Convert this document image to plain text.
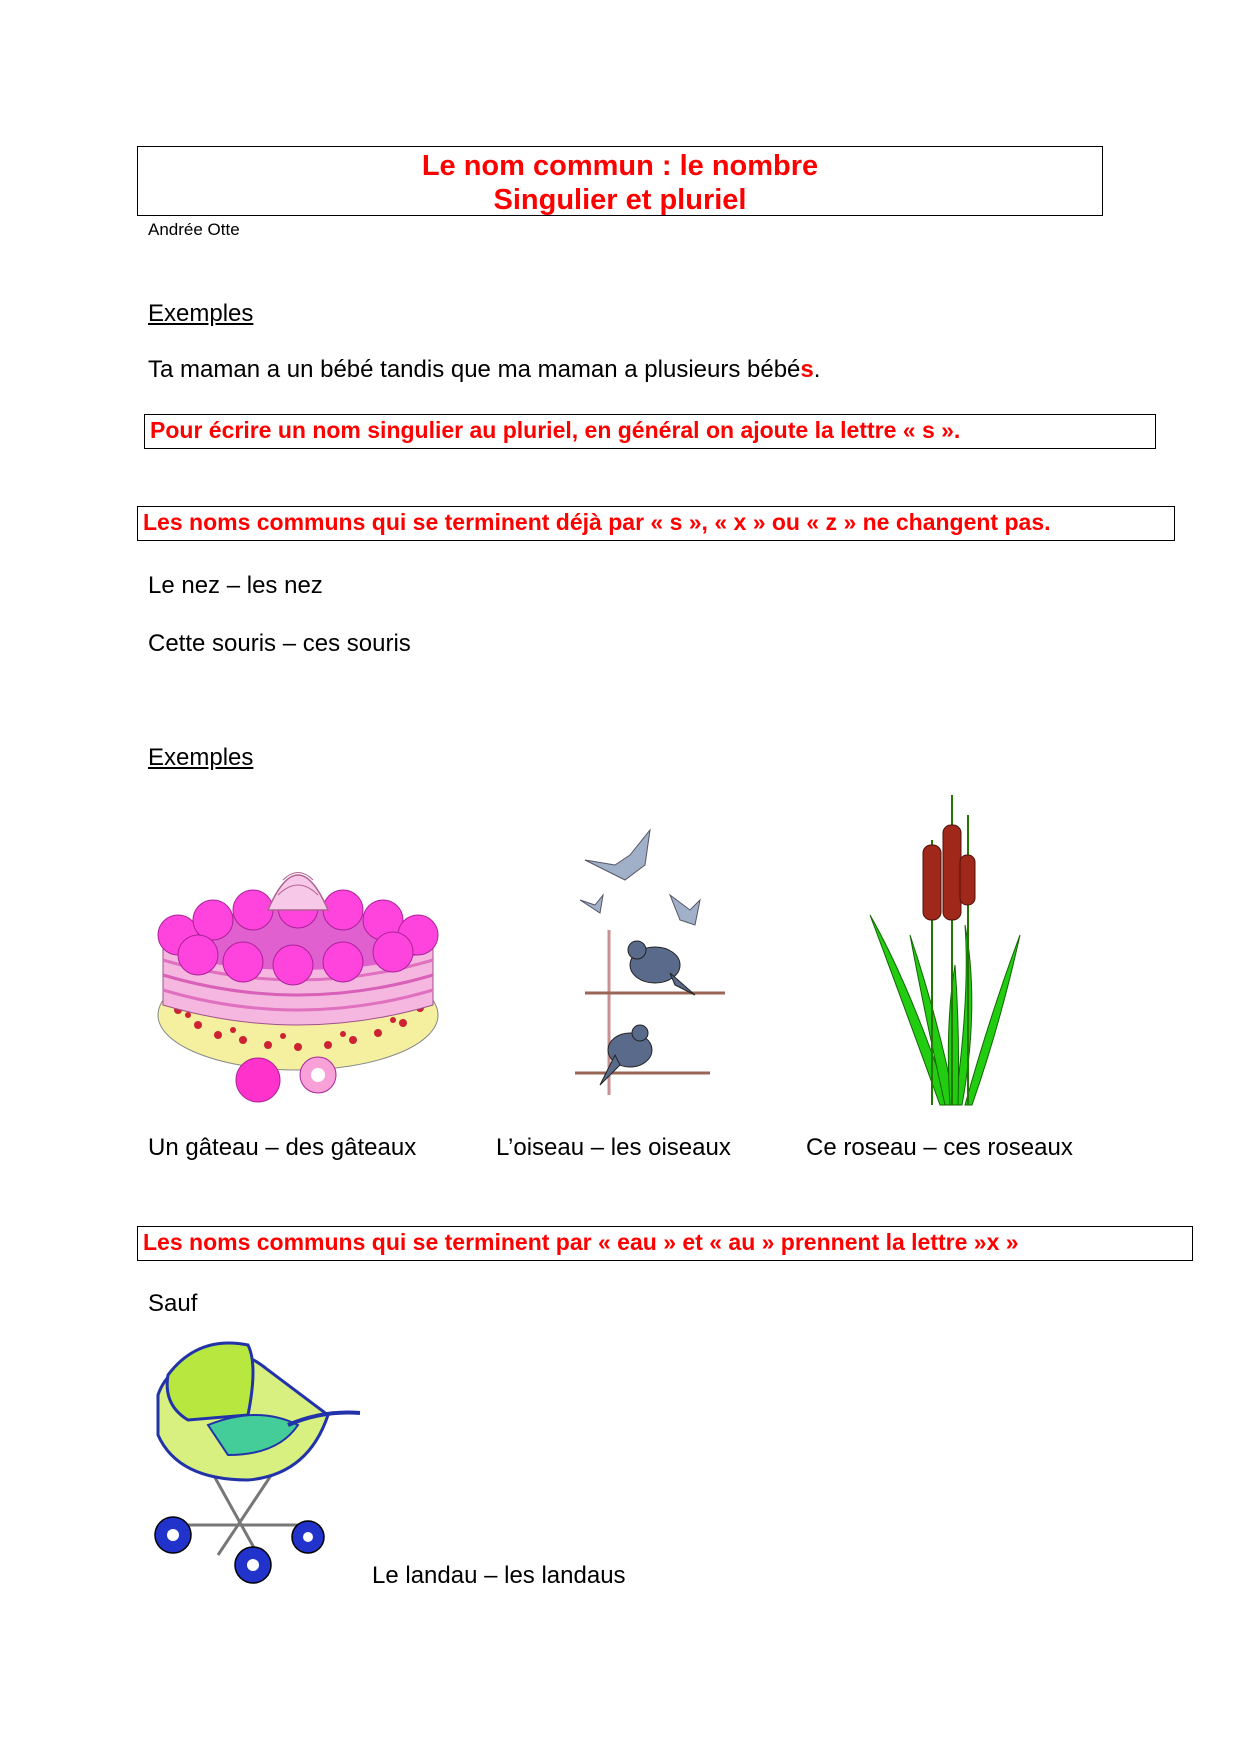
Le nom commun : le nombre
Singulier et pluriel
Andrée Otte
Exemples
Ta maman a un bébé tandis que ma maman a plusieurs bébés.
Pour écrire un nom singulier au pluriel, en général on ajoute la lettre « s ».
Les noms communs qui se terminent déjà par « s », « x » ou « z » ne changent pas.
Le nez – les nez
Cette souris – ces souris
Exemples
Un gâteau – des gâteaux	L’oiseau – les oiseaux	Ce roseau – ces roseaux
Les noms communs qui se terminent par « eau » et « au » prennent la lettre »x »
Sauf
Le landau – les landaus
